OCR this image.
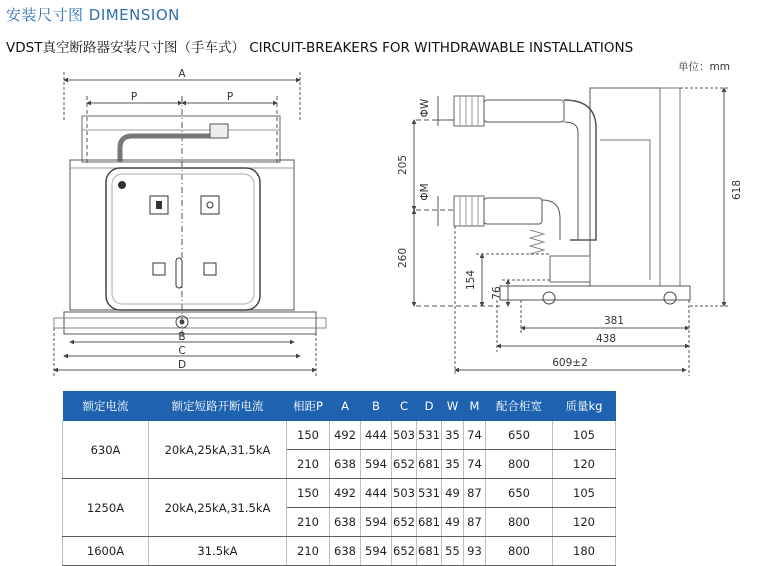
安装尺寸图 DIMENSION
VDST真空断路器安装尺寸图（手车式） CIRCUIT-BREAKERS FOR WITHDRAWABLE INSTALLATIONS
单位：mm
A
P	P
B
C
D
ΦW
ΦM
205
260
154
76
618
381
438
609±2
额定电流	额定短路开断电流	相距P	A	B	C	D	W	M	配合柜宽	质量kg
630A	20kA,25kA,31.5kA	150	492	444	503	531	35	74	650	105
		210	638	594	652	681	35	74	800	120
1250A	20kA,25kA,31.5kA	150	492	444	503	531	49	87	650	105
		210	638	594	652	681	49	87	800	120
1600A	31.5kA	210	638	594	652	681	55	93	800	180
